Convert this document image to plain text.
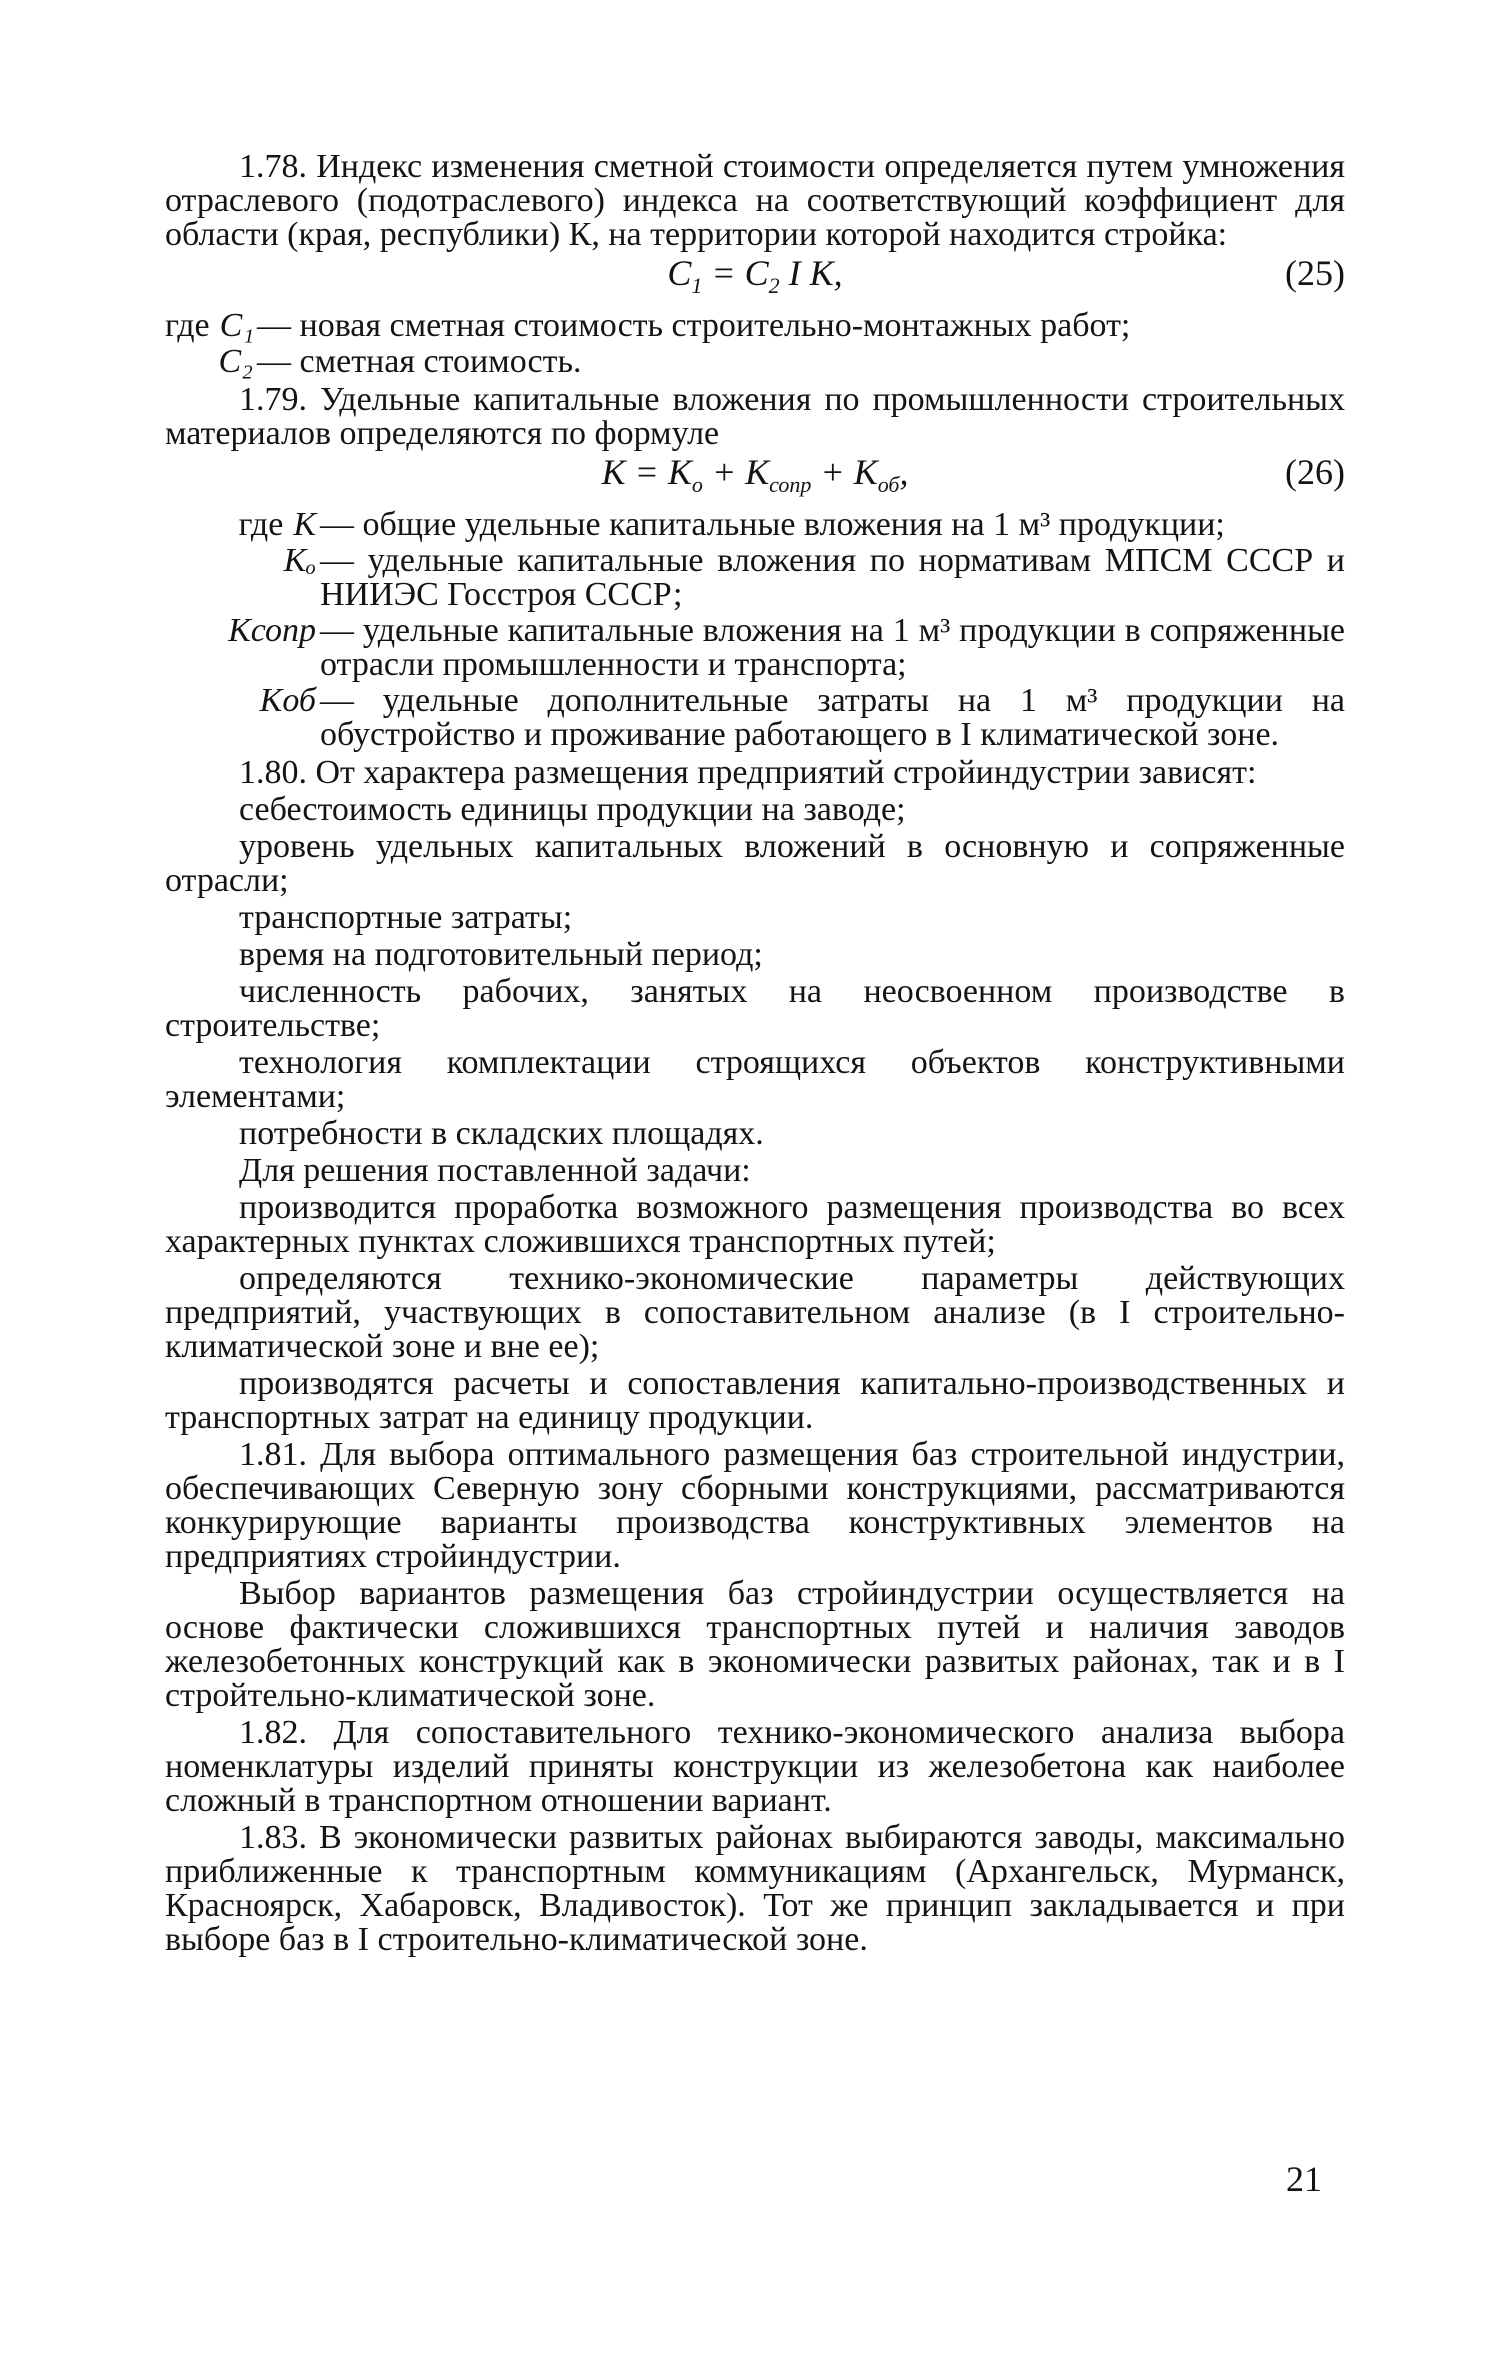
1.78. Индекс изменения сметной стоимости определяется путем умножения отраслевого (подотраслевого) индекса на соответствующий коэффициент для области (края, республики) К, на территории которой находится стройка:

$C_1 = C_2$ I K,	(25)
где C₁ — новая сметная стоимость строительно-монтажных работ;
C₂ — сметная стоимость.

1.79. Удельные капитальные вложения по промышленности строительных материалов определяются по формуле

$K = K_o + K_{сопр} + K_{об}$,	(26)
где K — общие удельные капитальные вложения на 1 м³ продукции;
Kₒ — удельные капитальные вложения по нормативам МПСМ СССР и НИИЭС Госстроя СССР;
Kсопр — удельные капитальные вложения на 1 м³ продукции в сопряженные отрасли промышленности и транспорта;
Kоб — удельные дополнительные затраты на 1 м³ продукции на обустройство и проживание работающего в I климатической зоне.

1.80. От характера размещения предприятий стройиндустрии зависят:

себестоимость единицы продукции на заводе;

уровень удельных капитальных вложений в основную и сопряженные отрасли;

транспортные затраты;

время на подготовительный период;

численность рабочих, занятых на неосвоенном производстве в строительстве;

технология комплектации строящихся объектов конструктивными элементами;

потребности в складских площадях.

Для решения поставленной задачи:

производится проработка возможного размещения производства во всех характерных пунктах сложившихся транспортных путей;

определяются технико-экономические параметры действующих предприятий, участвующих в сопоставительном анализе (в I строительно-климатической зоне и вне ее);

производятся расчеты и сопоставления капитально-производственных и транспортных затрат на единицу продукции.

1.81. Для выбора оптимального размещения баз строительной индустрии, обеспечивающих Северную зону сборными конструкциями, рассматриваются конкурирующие варианты производства конструктивных элементов на предприятиях стройиндустрии.

Выбор вариантов размещения баз стройиндустрии осуществляется на основе фактически сложившихся транспортных путей и наличия заводов железобетонных конструкций как в экономически развитых районах, так и в I стройтельно-климатической зоне.

1.82. Для сопоставительного технико-экономического анализа выбора номенклатуры изделий приняты конструкции из железобетона как наиболее сложный в транспортном отношении вариант.

1.83. В экономически развитых районах выбираются заводы, максимально приближенные к транспортным коммуникациям (Архангельск, Мурманск, Красноярск, Хабаровск, Владивосток). Тот же принцип закладывается и при выборе баз в I строительно-климатической зоне.

21
